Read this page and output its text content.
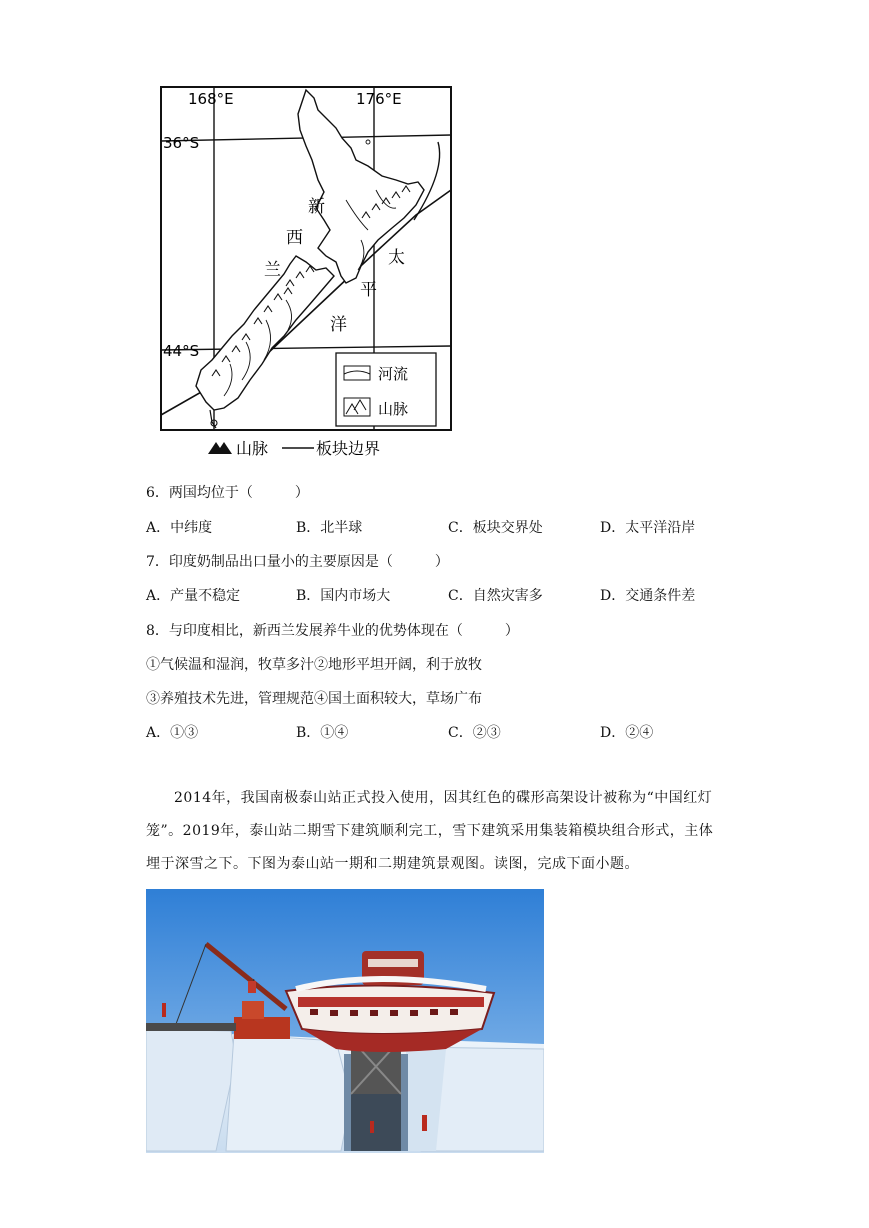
168°E	176°E
36°S
44°S
新
西
兰
太
平
洋
河流
山脉
山脉	板块边界
6．两国均位于（　　　）
A．中纬度	B．北半球	C．板块交界处	D．太平洋沿岸
7．印度奶制品出口量小的主要原因是（　　　）
A．产量不稳定	B．国内市场大	C．自然灾害多	D．交通条件差
8．与印度相比，新西兰发展养牛业的优势体现在（　　　）
①气候温和湿润，牧草多汁②地形平坦开阔，利于放牧
③养殖技术先进，管理规范④国土面积较大，草场广布
A．①③	B．①④	C．②③	D．②④
2014年，我国南极泰山站正式投入使用，因其红色的碟形高架设计被称为“中国红灯笼”。2019年，泰山站二期雪下建筑顺利完工，雪下建筑采用集装箱模块组合形式，主体埋于深雪之下。下图为泰山站一期和二期建筑景观图。读图，完成下面小题。
